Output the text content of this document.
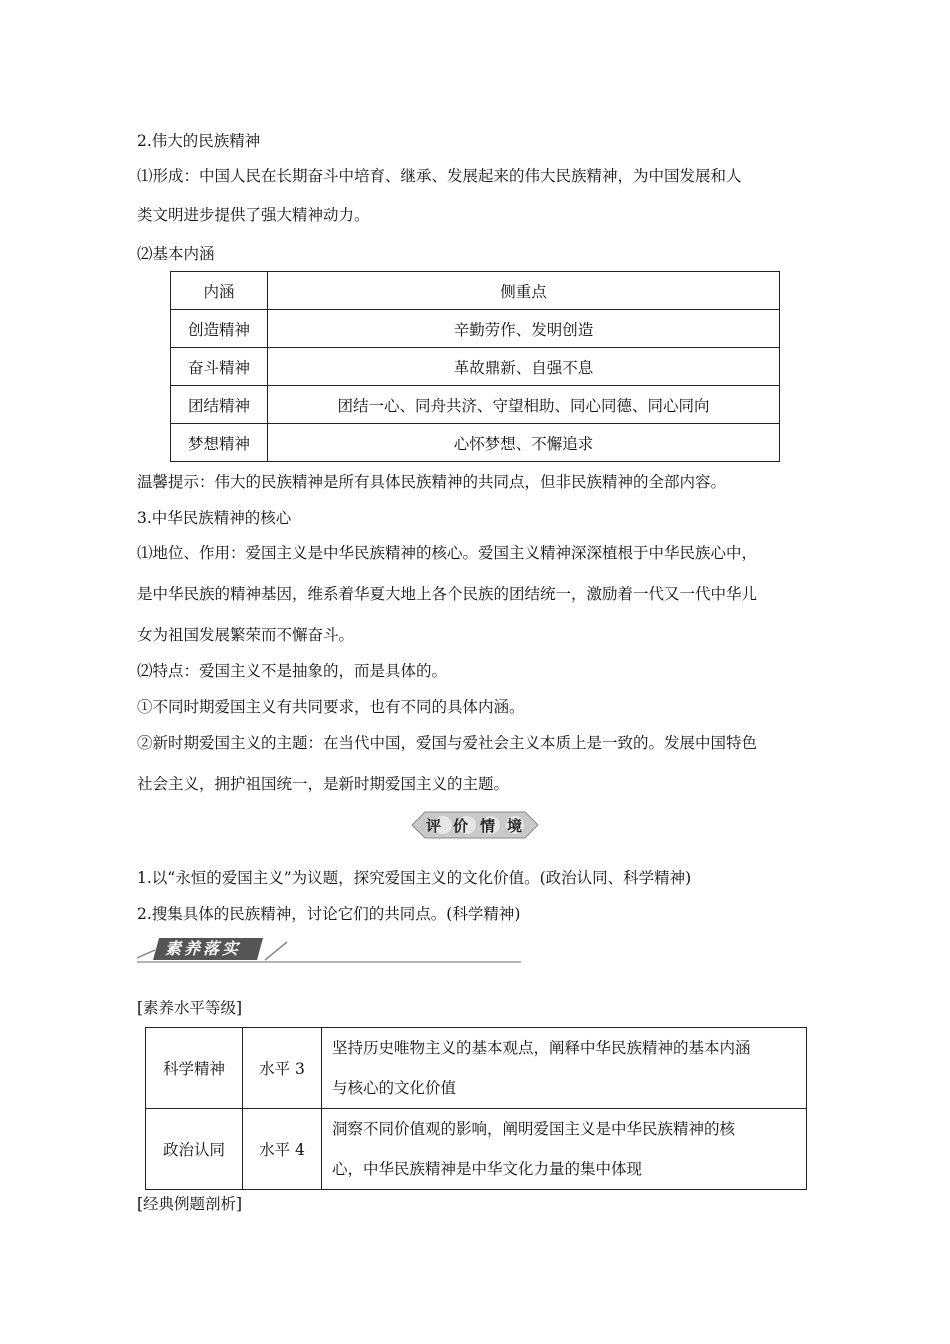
2.伟大的民族精神
⑴形成：中国人民在长期奋斗中培育、继承、发展起来的伟大民族精神，为中国发展和人
类文明进步提供了强大精神动力。
⑵基本内涵
内涵	侧重点
创造精神	辛勤劳作、发明创造
奋斗精神	革故鼎新、自强不息
团结精神	团结一心、同舟共济、守望相助、同心同德、同心同向
梦想精神	心怀梦想、不懈追求
温馨提示：伟大的民族精神是所有具体民族精神的共同点，但非民族精神的全部内容。
3.中华民族精神的核心
⑴地位、作用：爱国主义是中华民族精神的核心。爱国主义精神深深植根于中华民族心中，
是中华民族的精神基因，维系着华夏大地上各个民族的团结统一，激励着一代又一代中华儿
女为祖国发展繁荣而不懈奋斗。
⑵特点：爱国主义不是抽象的，而是具体的。
①不同时期爱国主义有共同要求，也有不同的具体内涵。
②新时期爱国主义的主题：在当代中国，爱国与爱社会主义本质上是一致的。发展中国特色
社会主义，拥护祖国统一，是新时期爱国主义的主题。
评价情境
1.以“永恒的爱国主义”为议题，探究爱国主义的文化价值。(政治认同、科学精神)
2.搜集具体的民族精神，讨论它们的共同点。(科学精神)
素养落实
[素养水平等级]
科学精神	水平 3	坚持历史唯物主义的基本观点，阐释中华民族精神的基本内涵
与核心的文化价值

政治认同	水平 4	洞察不同价值观的影响，阐明爱国主义是中华民族精神的核
心，中华民族精神是中华文化力量的集中体现
[经典例题剖析]
